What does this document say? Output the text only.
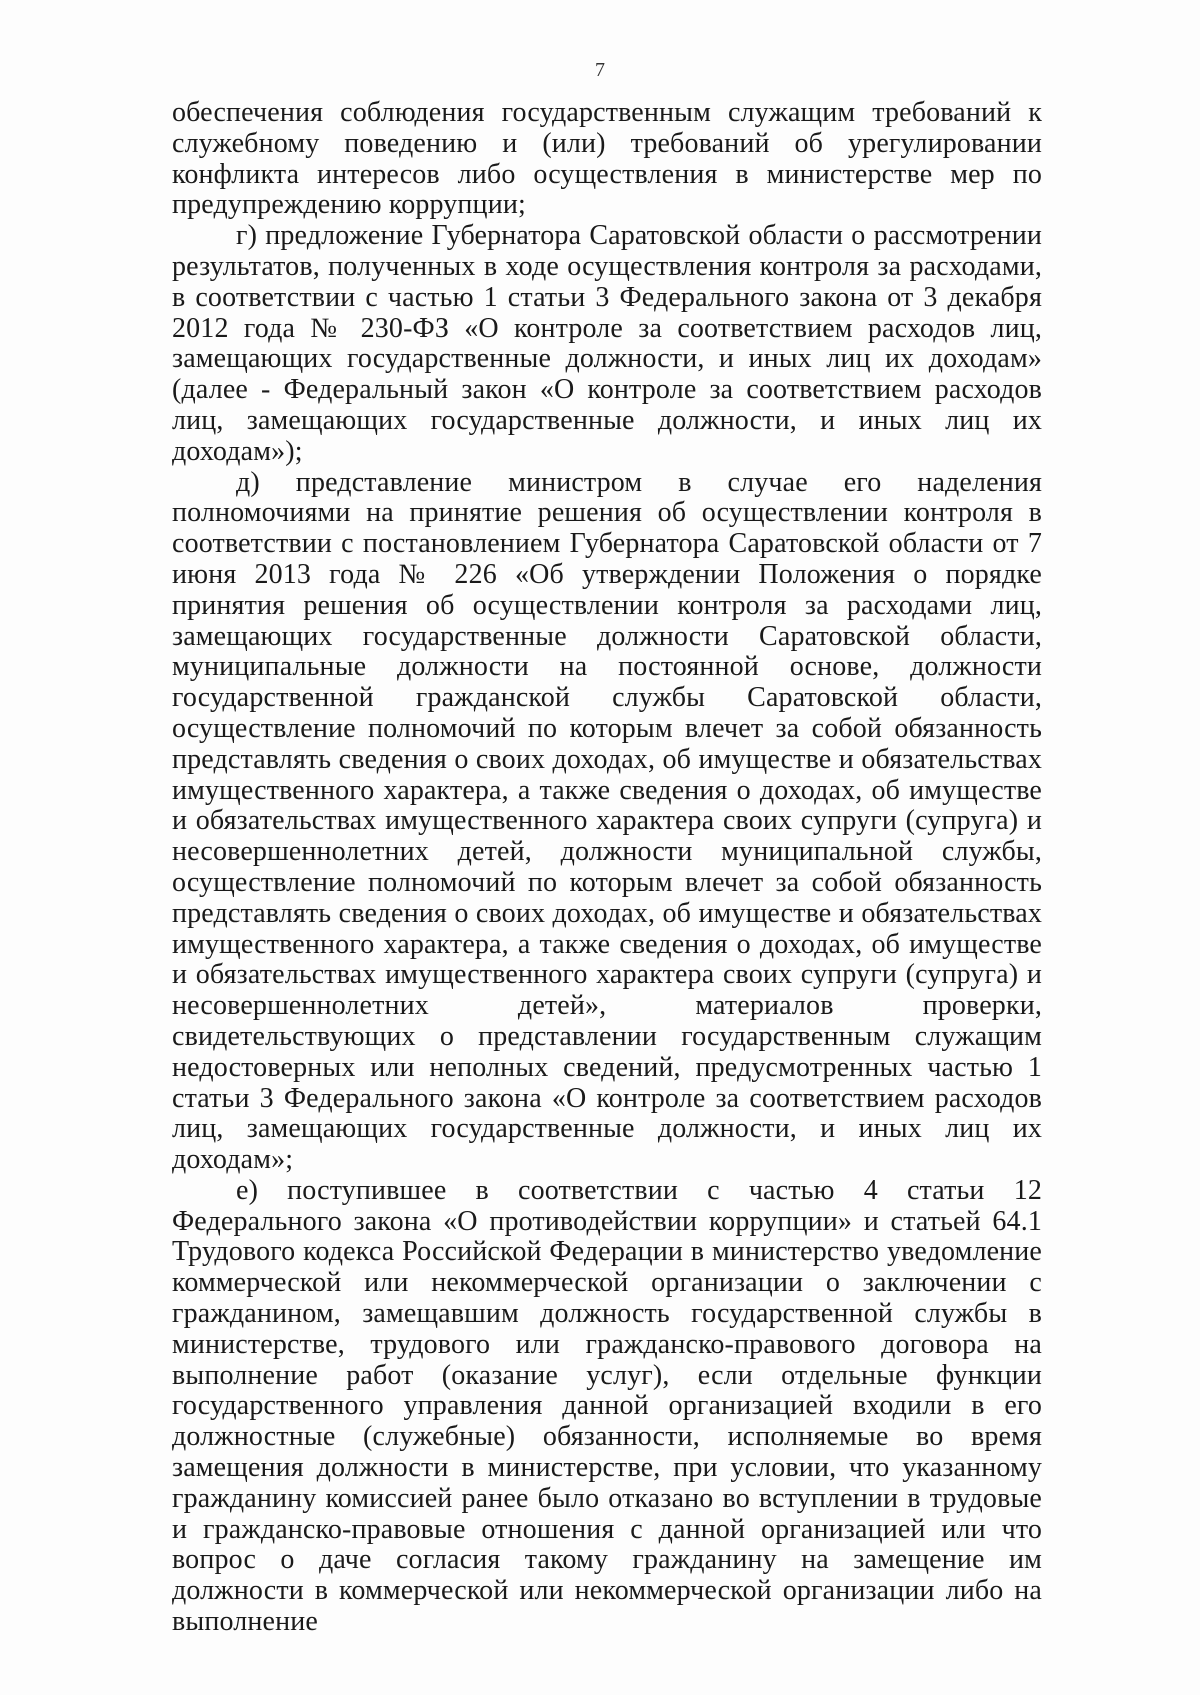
7

обеспечения соблюдения государственным служащим требований к служебному поведению и (или) требований об урегулировании конфликта интересов либо осуществления в министерстве мер по предупреждению коррупции;

г) предложение Губернатора Саратовской области о рассмотрении результатов, полученных в ходе осуществления контроля за расходами, в соответствии с частью 1 статьи 3 Федерального закона от 3 декабря 2012 года № 230-ФЗ «О контроле за соответствием расходов лиц, замещающих государственные должности, и иных лиц их доходам» (далее - Федеральный закон «О контроле за соответствием расходов лиц, замещающих государственные должности, и иных лиц их доходам»);

д) представление министром в случае его наделения полномочиями на принятие решения об осуществлении контроля в соответствии с постановлением Губернатора Саратовской области от 7 июня 2013 года № 226 «Об утверждении Положения о порядке принятия решения об осуществлении контроля за расходами лиц, замещающих государственные должности Саратовской области, муниципальные должности на постоянной основе, должности государственной гражданской службы Саратовской области, осуществление полномочий по которым влечет за собой обязанность представлять сведения о своих доходах, об имуществе и обязательствах имущественного характера, а также сведения о доходах, об имуществе и обязательствах имущественного характера своих супруги (супруга) и несовершеннолетних детей, должности муниципальной службы, осуществление полномочий по которым влечет за собой обязанность представлять сведения о своих доходах, об имуществе и обязательствах имущественного характера, а также сведения о доходах, об имуществе и обязательствах имущественного характера своих супруги (супруга) и несовершеннолетних детей», материалов проверки, свидетельствующих о представлении государственным служащим недостоверных или неполных сведений, предусмотренных частью 1 статьи 3 Федерального закона «О контроле за соответствием расходов лиц, замещающих государственные должности, и иных лиц их доходам»;

е) поступившее в соответствии с частью 4 статьи 12 Федерального закона «О противодействии коррупции» и статьей 64.1 Трудового кодекса Российской Федерации в министерство уведомление коммерческой или некоммерческой организации о заключении с гражданином, замещавшим должность государственной службы в министерстве, трудового или гражданско-правового договора на выполнение работ (оказание услуг), если отдельные функции государственного управления данной организацией входили в его должностные (служебные) обязанности, исполняемые во время замещения должности в министерстве, при условии, что указанному гражданину комиссией ранее было отказано во вступлении в трудовые и гражданско-правовые отношения с данной организацией или что вопрос о даче согласия такому гражданину на замещение им должности в коммерческой или некоммерческой организации либо на выполнение
